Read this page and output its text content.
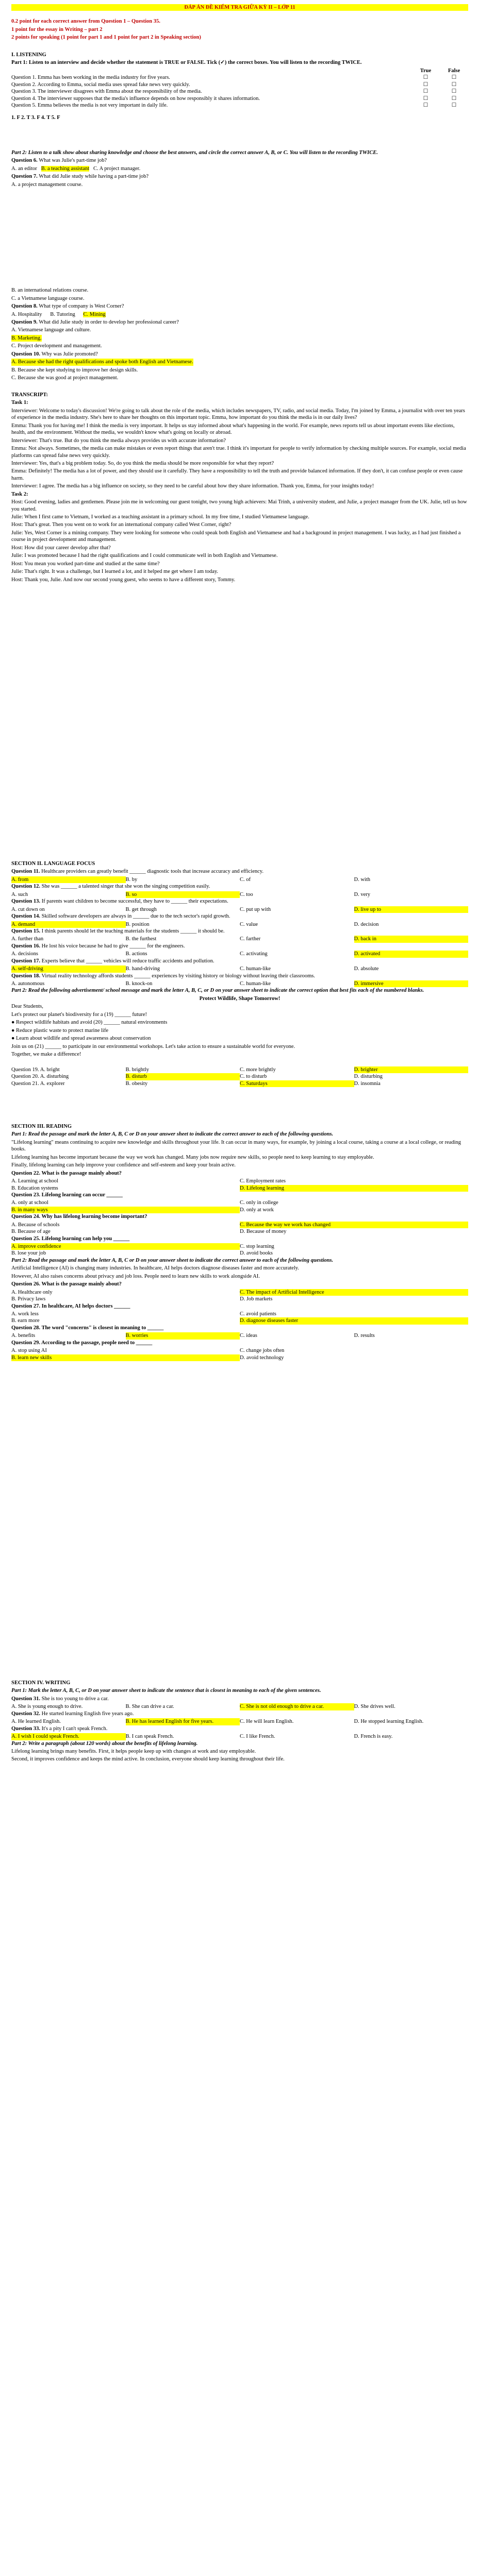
ĐÁP ÁN ĐỀ KIỂM TRA GIỮA KỲ II – LỚP 11

0.2 point for each correct answer from Question 1 – Question 35.

1 point for the essay in Writing – part 2

2 points for speaking (1 point for part 1 and 1 point for part 2 in Speaking section)

I. LISTENING

Part 1: Listen to an interview and decide whether the statement is TRUE or FALSE. Tick (✓) the correct boxes. You will listen to the recording TWICE.

True	False
Question 1. Emma has been working in the media industry for five years.	☐	☐
Question 2. According to Emma, social media uses spread fake news very quickly.	☐	☐
Question 3. The interviewer disagrees with Emma about the responsibility of the media.	☐	☐
Question 4. The interviewer supposes that the media's influence depends on how responsibly it shares information.	☐	☐
Question 5. Emma believes the media is not very important in daily life.	☐	☐

1. F 2. T 3. F 4. T 5. F

Part 2: Listen to a talk show about sharing knowledge and choose the best answers, and circle the correct answer A, B, or C. You will listen to the recording TWICE.

Question 6. What was Julie's part-time job?

A. an editor B. a teaching assistant C. A project manager.

Question 7. What did Julie study while having a part-time job?

A. a project management course.

B. an international relations course.

C. a Vietnamese language course.

Question 8. What type of company is West Corner?

A. Hospitality B. Tutoring C. Mining

Question 9. What did Julie study in order to develop her professional career?

A. Vietnamese language and culture.

B. Marketing.

C. Project development and management.

Question 10. Why was Julie promoted?

A. Because she had the right qualifications and spoke both English and Vietnamese.

B. Because she kept studying to improve her design skills.

C. Because she was good at project management.

TRANSCRIPT:

Task 1:

Interviewer: Welcome to today's discussion! We're going to talk about the role of the media, which includes newspapers, TV, radio, and social media. Today, I'm joined by Emma, a journalist with over ten years of experience in the media industry. She's here to share her thoughts on this important topic. Emma, how important do you think the media is in our daily lives?

Emma: Thank you for having me! I think the media is very important. It helps us stay informed about what's happening in the world. For example, news reports tell us about important events like elections, health, and the environment. Without the media, we wouldn't know what's going on locally or abroad.

Interviewer: That's true. But do you think the media always provides us with accurate information?

Emma: Not always. Sometimes, the media can make mistakes or even report things that aren't true. I think it's important for people to verify information by checking multiple sources. For example, social media platforms can spread false news very quickly.

Interviewer: Yes, that's a big problem today. So, do you think the media should be more responsible for what they report?

Emma: Definitely! The media has a lot of power, and they should use it carefully. They have a responsibility to tell the truth and provide balanced information. If they don't, it can confuse people or even cause harm.

Interviewer: I agree. The media has a big influence on society, so they need to be careful about how they share information. Thank you, Emma, for your insights today!

Task 2:

Host: Good evening, ladies and gentlemen. Please join me in welcoming our guest tonight, two young high achievers: Mai Trinh, a university student, and Julie, a project manager from the UK. Julie, tell us how you started.

Julie: When I first came to Vietnam, I worked as a teaching assistant in a primary school. In my free time, I studied Vietnamese language.

Host: That's great. Then you went on to work for an international company called West Corner, right?

Julie: Yes, West Corner is a mining company. They were looking for someone who could speak both English and Vietnamese and had a background in project management. I was lucky, as I had just finished a course in project development and management.

Host: How did your career develop after that?

Julie: I was promoted because I had the right qualifications and I could communicate well in both English and Vietnamese.

Host: You mean you worked part-time and studied at the same time?

Julie: That's right. It was a challenge, but I learned a lot, and it helped me get where I am today.

Host: Thank you, Julie. And now our second young guest, who seems to have a different story, Tommy.

SECTION II. LANGUAGE FOCUS

Question 11. Healthcare providers can greatly benefit ______ diagnostic tools that increase accuracy and efficiency.

A. from	B. by	C. of	D. with

Question 12. She was ______ a talented singer that she won the singing competition easily.

A. such	B. so	C. too	D. very

Question 13. If parents want children to become successful, they have to ______ their expectations.

A. cut down on	B. get through	C. put up with	D. live up to

Question 14. Skilled software developers are always in ______ due to the tech sector's rapid growth.

A. demand	B. position	C. value	D. decision

Question 15. I think parents should let the teaching materials for the students ______ it should be.

A. further than	B. the furthest	C. farther	D. back in

Question 16. He lost his voice because he had to give ______ for the engineers.

A. decisions	B. actions	C. activating	D. activated

Question 17. Experts believe that ______ vehicles will reduce traffic accidents and pollution.

A. self-driving	B. hand-driving	C. human-like	D. absolute

Question 18. Virtual reality technology affords students ______ experiences by visiting history or biology without leaving their classrooms.

A. autonomous	B. knock-on	C. human-like	D. immersive

Part 2: Read the following advertisement/ school message and mark the letter A, B, C, or D on your answer sheet to indicate the correct option that best fits each of the numbered blanks.

Protect Wildlife, Shape Tomorrow!

Dear Students,

Let's protect our planet's biodiversity for a (19) ______ future!

● Respect wildlife habitats and avoid (20) ______ natural environments

● Reduce plastic waste to protect marine life

● Learn about wildlife and spread awareness about conservation

Join us on (21) ______ to participate in our environmental workshops. Let's take action to ensure a sustainable world for everyone.

Together, we make a difference!

Question 19. A. bright	B. brightly	C. more brightly	D. brighter
Question 20. A. disturbing	B. disturb	C. to disturb	D. disturbing
Question 21. A. explorer	B. obesity	C. Saturdays	D. insomnia

SECTION III. READING

Part 1: Read the passage and mark the letter A, B, C or D on your answer sheet to indicate the correct answer to each of the following questions.

"Lifelong learning" means continuing to acquire new knowledge and skills throughout your life. It can occur in many ways, for example, by joining a local course, taking a course at a local college, or reading books.

Lifelong learning has become important because the way we work has changed. Many jobs now require new skills, so people need to keep learning to stay employable.

Finally, lifelong learning can help improve your confidence and self-esteem and keep your brain active.

Question 22. What is the passage mainly about?

A. Learning at school	C. Employment rates
B. Education systems	D. Lifelong learning

Question 23. Lifelong learning can occur ______

A. only at school	C. only in college
B. in many ways	D. only at work

Question 24. Why has lifelong learning become important?

A. Because of schools	C. Because the way we work has changed
B. Because of age	D. Because of money

Question 25. Lifelong learning can help you ______

A. improve confidence	C. stop learning
B. lose your job	D. avoid books

Part 2: Read the passage and mark the letter A, B, C or D on your answer sheet to indicate the correct answer to each of the following questions.

Artificial Intelligence (AI) is changing many industries. In healthcare, AI helps doctors diagnose diseases faster and more accurately.

However, AI also raises concerns about privacy and job loss. People need to learn new skills to work alongside AI.

Question 26. What is the passage mainly about?

A. Healthcare only	C. The impact of Artificial Intelligence
B. Privacy laws	D. Job markets

Question 27. In healthcare, AI helps doctors ______

A. work less	C. avoid patients
B. earn more	D. diagnose diseases faster

Question 28. The word "concerns" is closest in meaning to ______

A. benefits	B. worries	C. ideas	D. results

Question 29. According to the passage, people need to ______

A. stop using AI	C. change jobs often
B. learn new skills	D. avoid technology

SECTION IV. WRITING

Part 1: Mark the letter A, B, C, or D on your answer sheet to indicate the sentence that is closest in meaning to each of the given sentences.

Question 31. She is too young to drive a car.

A. She is young enough to drive.	B. She can drive a car.	C. She is not old enough to drive a car.	D. She drives well.

Question 32. He started learning English five years ago.

A. He learned English.	B. He has learned English for five years.	C. He will learn English.	D. He stopped learning English.

Question 33. It's a pity I can't speak French.

A. I wish I could speak French.	B. I can speak French.	C. I like French.	D. French is easy.

Part 2: Write a paragraph (about 120 words) about the benefits of lifelong learning.

Lifelong learning brings many benefits. First, it helps people keep up with changes at work and stay employable.

Second, it improves confidence and keeps the mind active. In conclusion, everyone should keep learning throughout their life.
